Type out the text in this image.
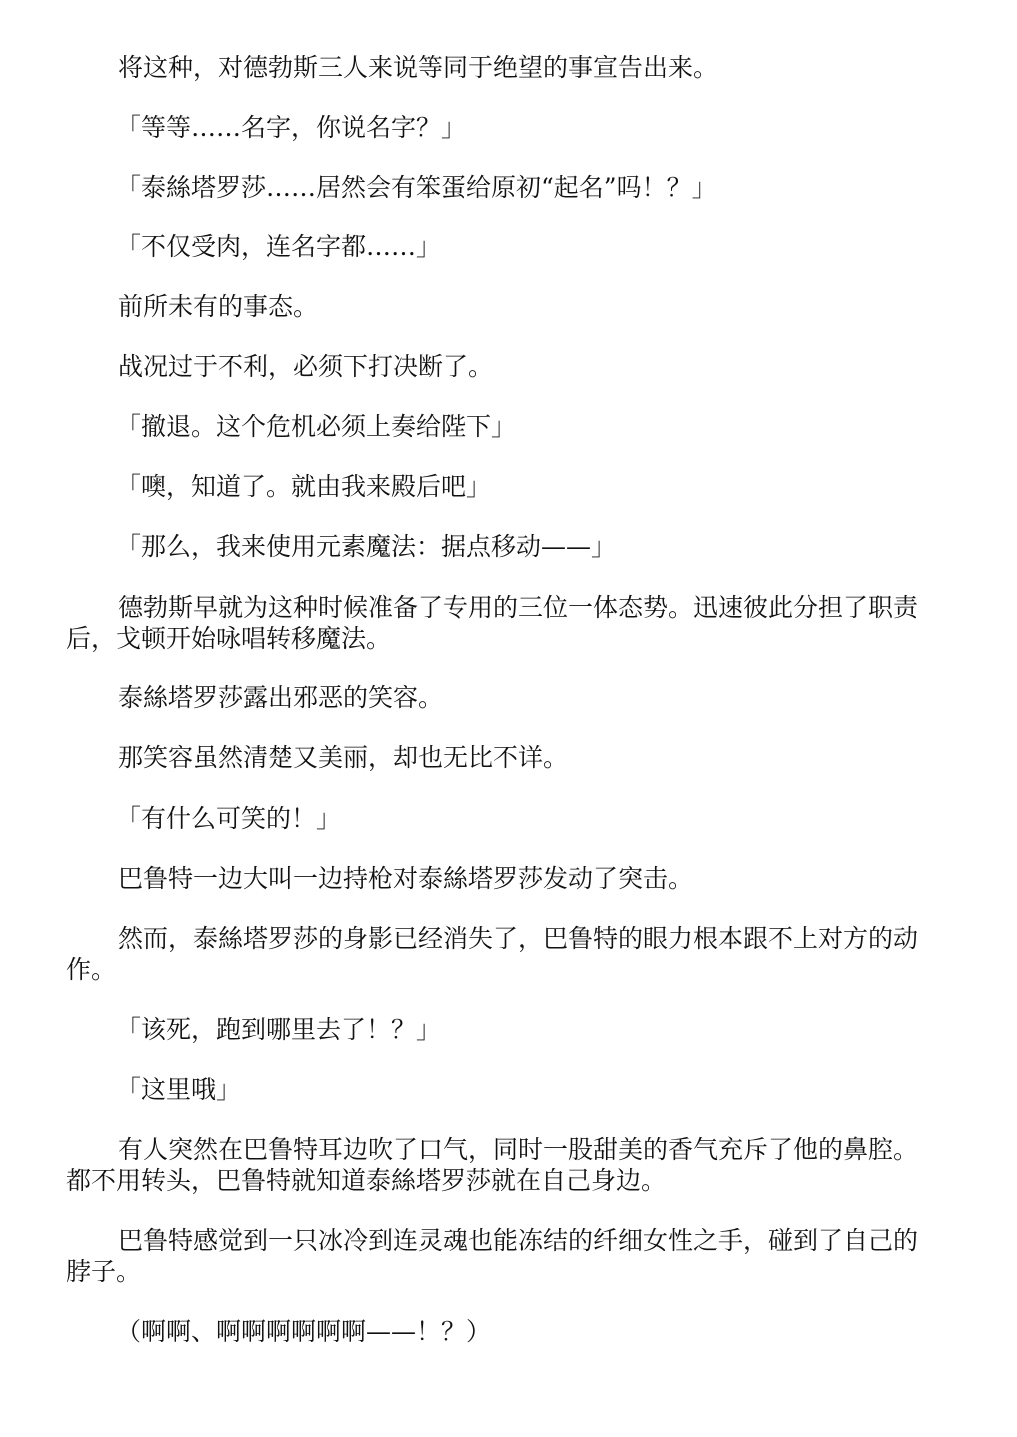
将这种，对德勃斯三人来说等同于绝望的事宣告出来。

「等等……名字，你说名字？」

「泰絲塔罗莎……居然会有笨蛋给原初“起名”吗！？」

「不仅受肉，连名字都……」

前所未有的事态。

战况过于不利，必须下打决断了。

「撤退。这个危机必须上奏给陛下」

「噢，知道了。就由我来殿后吧」

「那么，我来使用元素魔法：据点移动——」

德勃斯早就为这种时候准备了专用的三位一体态势。迅速彼此分担了职责后，戈顿开始咏唱转移魔法。

泰絲塔罗莎露出邪恶的笑容。

那笑容虽然清楚又美丽，却也无比不详。

「有什么可笑的！」

巴鲁特一边大叫一边持枪对泰絲塔罗莎发动了突击。

然而，泰絲塔罗莎的身影已经消失了，巴鲁特的眼力根本跟不上对方的动作。

「该死，跑到哪里去了！？」

「这里哦」

有人突然在巴鲁特耳边吹了口气，同时一股甜美的香气充斥了他的鼻腔。都不用转头，巴鲁特就知道泰絲塔罗莎就在自己身边。

巴鲁特感觉到一只冰冷到连灵魂也能冻结的纤细女性之手，碰到了自己的脖子。

（啊啊、啊啊啊啊啊啊——！？）
